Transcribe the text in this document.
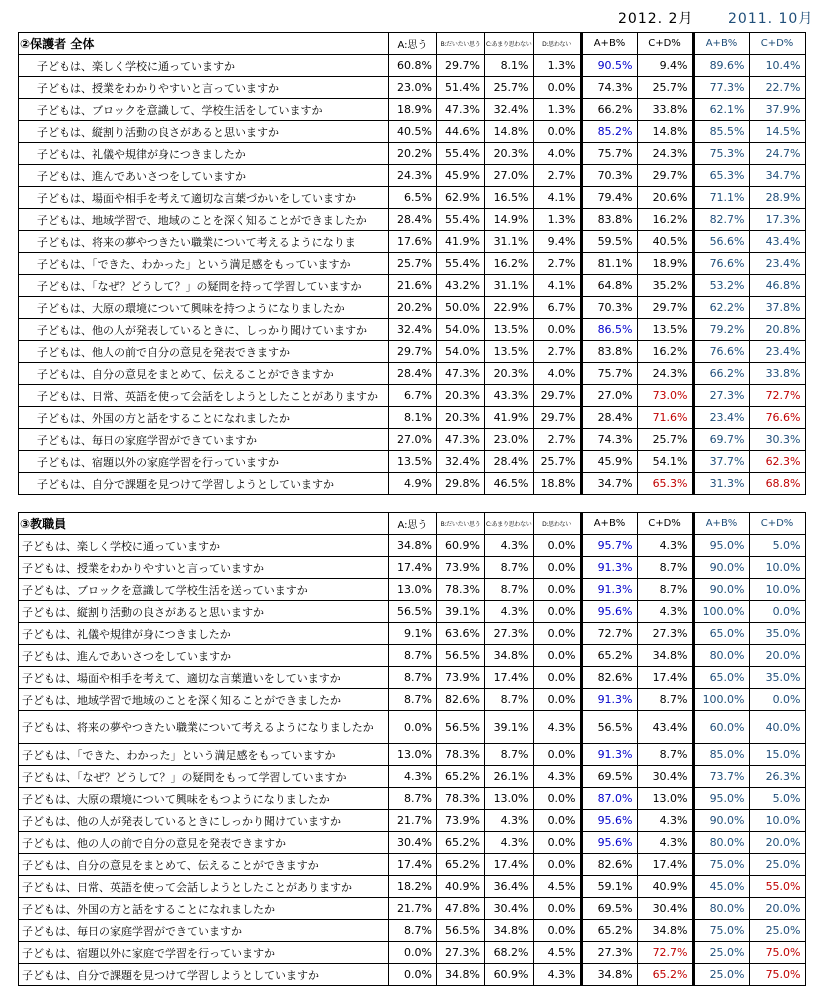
2012. 2月 2011. 10月
②保護者 全体	A:思う	B:だいたい思う	C:あまり思わない	D:思わない	A+B%	C+D%	A+B%	C+D%
子どもは、楽しく学校に通っていますか	60.8%	29.7%	8.1%	1.3%	90.5%	9.4%	89.6%	10.4%
子どもは、授業をわかりやすいと言っていますか	23.0%	51.4%	25.7%	0.0%	74.3%	25.7%	77.3%	22.7%
子どもは、ブロックを意識して、学校生活をしていますか	18.9%	47.3%	32.4%	1.3%	66.2%	33.8%	62.1%	37.9%
子どもは、縦割り活動の良さがあると思いますか	40.5%	44.6%	14.8%	0.0%	85.2%	14.8%	85.5%	14.5%
子どもは、礼儀や規律が身につきましたか	20.2%	55.4%	20.3%	4.0%	75.7%	24.3%	75.3%	24.7%
子どもは、進んであいさつをしていますか	24.3%	45.9%	27.0%	2.7%	70.3%	29.7%	65.3%	34.7%
子どもは、場面や相手を考えて適切な言葉づかいをしていますか	6.5%	62.9%	16.5%	4.1%	79.4%	20.6%	71.1%	28.9%
子どもは、地域学習で、地域のことを深く知ることができましたか	28.4%	55.4%	14.9%	1.3%	83.8%	16.2%	82.7%	17.3%
子どもは、将来の夢やつきたい職業について考えるようになりま	17.6%	41.9%	31.1%	9.4%	59.5%	40.5%	56.6%	43.4%
子どもは、「できた、わかった」という満足感をもっていますか	25.7%	55.4%	16.2%	2.7%	81.1%	18.9%	76.6%	23.4%
子どもは、「なぜ？どうして？」の疑問を持って学習していますか	21.6%	43.2%	31.1%	4.1%	64.8%	35.2%	53.2%	46.8%
子どもは、大原の環境について興味を持つようになりましたか	20.2%	50.0%	22.9%	6.7%	70.3%	29.7%	62.2%	37.8%
子どもは、他の人が発表しているときに、しっかり聞けていますか	32.4%	54.0%	13.5%	0.0%	86.5%	13.5%	79.2%	20.8%
子どもは、他人の前で自分の意見を発表できますか	29.7%	54.0%	13.5%	2.7%	83.8%	16.2%	76.6%	23.4%
子どもは、自分の意見をまとめて、伝えることができますか	28.4%	47.3%	20.3%	4.0%	75.7%	24.3%	66.2%	33.8%
子どもは、日常、英語を使って会話をしようとしたことがありますか	6.7%	20.3%	43.3%	29.7%	27.0%	73.0%	27.3%	72.7%
子どもは、外国の方と話をすることになれましたか	8.1%	20.3%	41.9%	29.7%	28.4%	71.6%	23.4%	76.6%
子どもは、毎日の家庭学習ができていますか	27.0%	47.3%	23.0%	2.7%	74.3%	25.7%	69.7%	30.3%
子どもは、宿題以外の家庭学習を行っていますか	13.5%	32.4%	28.4%	25.7%	45.9%	54.1%	37.7%	62.3%
子どもは、自分で課題を見つけて学習しようとしていますか	4.9%	29.8%	46.5%	18.8%	34.7%	65.3%	31.3%	68.8%
③教職員	A:思う	B:だいたい思う	C:あまり思わない	D:思わない	A+B%	C+D%	A+B%	C+D%
子どもは、楽しく学校に通っていますか	34.8%	60.9%	4.3%	0.0%	95.7%	4.3%	95.0%	5.0%
子どもは、授業をわかりやすいと言っていますか	17.4%	73.9%	8.7%	0.0%	91.3%	8.7%	90.0%	10.0%
子どもは、ブロックを意識して学校生活を送っていますか	13.0%	78.3%	8.7%	0.0%	91.3%	8.7%	90.0%	10.0%
子どもは、縦割り活動の良さがあると思いますか	56.5%	39.1%	4.3%	0.0%	95.6%	4.3%	100.0%	0.0%
子どもは、礼儀や規律が身につきましたか	9.1%	63.6%	27.3%	0.0%	72.7%	27.3%	65.0%	35.0%
子どもは、進んであいさつをしていますか	8.7%	56.5%	34.8%	0.0%	65.2%	34.8%	80.0%	20.0%
子どもは、場面や相手を考えて、適切な言葉遣いをしていますか	8.7%	73.9%	17.4%	0.0%	82.6%	17.4%	65.0%	35.0%
子どもは、地域学習で地域のことを深く知ることができましたか	8.7%	82.6%	8.7%	0.0%	91.3%	8.7%	100.0%	0.0%
子どもは、将来の夢やつきたい職業について考えるようになりましたか	0.0%	56.5%	39.1%	4.3%	56.5%	43.4%	60.0%	40.0%
子どもは、「できた、わかった」という満足感をもっていますか	13.0%	78.3%	8.7%	0.0%	91.3%	8.7%	85.0%	15.0%
子どもは、「なぜ？どうして？」の疑問をもって学習していますか	4.3%	65.2%	26.1%	4.3%	69.5%	30.4%	73.7%	26.3%
子どもは、大原の環境について興味をもつようになりましたか	8.7%	78.3%	13.0%	0.0%	87.0%	13.0%	95.0%	5.0%
子どもは、他の人が発表しているときにしっかり聞けていますか	21.7%	73.9%	4.3%	0.0%	95.6%	4.3%	90.0%	10.0%
子どもは、他の人の前で自分の意見を発表できますか	30.4%	65.2%	4.3%	0.0%	95.6%	4.3%	80.0%	20.0%
子どもは、自分の意見をまとめて、伝えることができますか	17.4%	65.2%	17.4%	0.0%	82.6%	17.4%	75.0%	25.0%
子どもは、日常、英語を使って会話しようとしたことがありますか	18.2%	40.9%	36.4%	4.5%	59.1%	40.9%	45.0%	55.0%
子どもは、外国の方と話をすることになれましたか	21.7%	47.8%	30.4%	0.0%	69.5%	30.4%	80.0%	20.0%
子どもは、毎日の家庭学習ができていますか	8.7%	56.5%	34.8%	0.0%	65.2%	34.8%	75.0%	25.0%
子どもは、宿題以外に家庭で学習を行っていますか	0.0%	27.3%	68.2%	4.5%	27.3%	72.7%	25.0%	75.0%
子どもは、自分で課題を見つけて学習しようとしていますか	0.0%	34.8%	60.9%	4.3%	34.8%	65.2%	25.0%	75.0%
